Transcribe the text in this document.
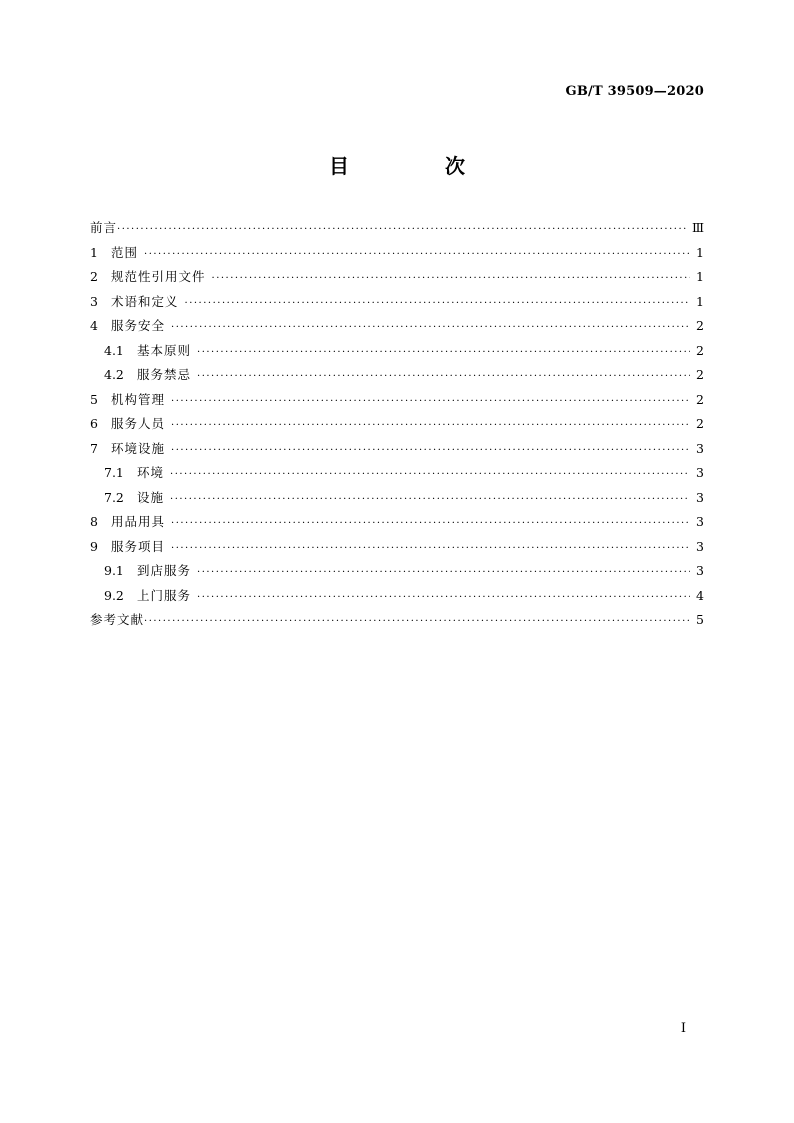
GB/T 39509—2020
目　次
前言 ·····	Ⅲ
1 范围 ·····	1
2 规范性引用文件 ·····	1
3 术语和定义 ·····	1
4 服务安全 ·····	2
4.1 基本原则 ·····	2
4.2 服务禁忌 ·····	2
5 机构管理 ·····	2
6 服务人员 ·····	2
7 环境设施 ·····	3
7.1 环境 ·····	3
7.2 设施 ·····	3
8 用品用具 ·····	3
9 服务项目 ·····	3
9.1 到店服务 ·····	3
9.2 上门服务 ·····	4
参考文献 ·····	5
I
